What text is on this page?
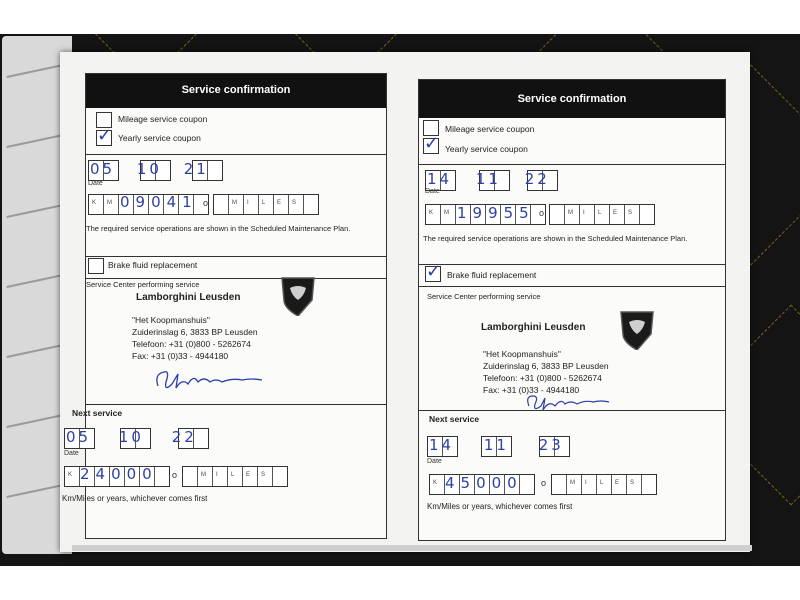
Service confirmation
Mileage service coupon
✓ Yearly service coupon
05 10 21
Date
K M 09041 o	M I L E S
The required service operations are shown in the Scheduled Maintenance Plan.
Brake fluid replacement
Service Center performing service
Lamborghini Leusden
"Het Koopmanshuis"
Zuiderinslag 6, 3833 BP Leusden
Telefoon: +31 (0)800 - 5262674
Fax: +31 (0)33 - 4944180
Next service
05 10 22
Date
K 24000 o	M I L E S
Km/Miles or years, whichever comes first
Service confirmation
Mileage service coupon
✓ Yearly service coupon
14 11 22
Date
K M 19955 o	M I L E S
The required service operations are shown in the Scheduled Maintenance Plan.
✓ Brake fluid replacement
Service Center performing service
Lamborghini Leusden
"Het Koopmanshuis"
Zuiderinslag 6, 3833 BP Leusden
Telefoon: +31 (0)800 - 5262674
Fax: +31 (0)33 - 4944180
Next service
14 11 23
Date
K 45000 o	M I L E S
Km/Miles or years, whichever comes first
